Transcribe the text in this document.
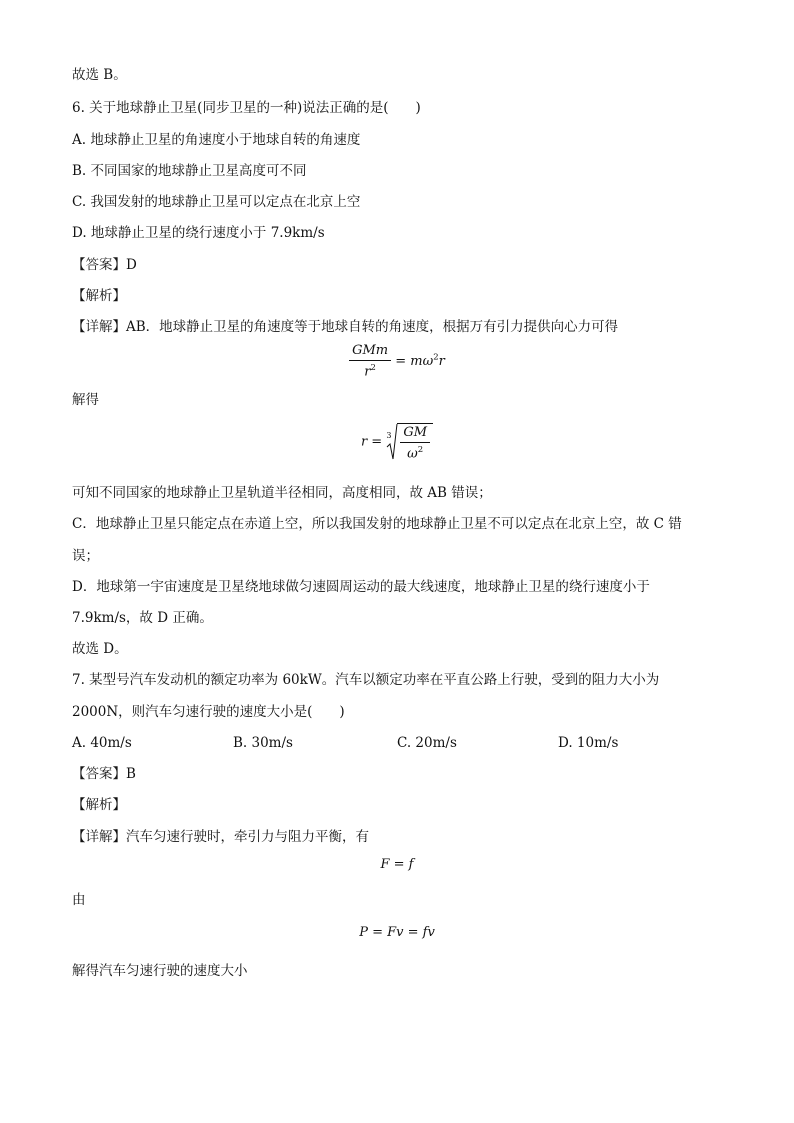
故选 B。
6. 关于地球静止卫星(同步卫星的一种)说法正确的是(　　)
A. 地球静止卫星的角速度小于地球自转的角速度
B. 不同国家的地球静止卫星高度可不同
C. 我国发射的地球静止卫星可以定点在北京上空
D. 地球静止卫星的绕行速度小于 7.9km/s
【答案】D
【解析】
【详解】AB．地球静止卫星的角速度等于地球自转的角速度，根据万有引力提供向心力可得
$\frac{\text{GMm}}{r^2} = m\omega^2r$
解得
$r = 3 \frac{GM}{\omega^2}$
可知不同国家的地球静止卫星轨道半径相同，高度相同，故 AB 错误；
C．地球静止卫星只能定点在赤道上空，所以我国发射的地球静止卫星不可以定点在北京上空，故 C 错
误；
D．地球第一宇宙速度是卫星绕地球做匀速圆周运动的最大线速度，地球静止卫星的绕行速度小于
7.9km/s，故 D 正确。
故选 D。
7. 某型号汽车发动机的额定功率为 60kW。汽车以额定功率在平直公路上行驶，受到的阻力大小为
2000N，则汽车匀速行驶的速度大小是(　　)
A. 40m/s	B. 30m/s	C. 20m/s	D. 10m/s
【答案】B
【解析】
【详解】汽车匀速行驶时，牵引力与阻力平衡，有
F = f
由
P = Fv = fv
解得汽车匀速行驶的速度大小
